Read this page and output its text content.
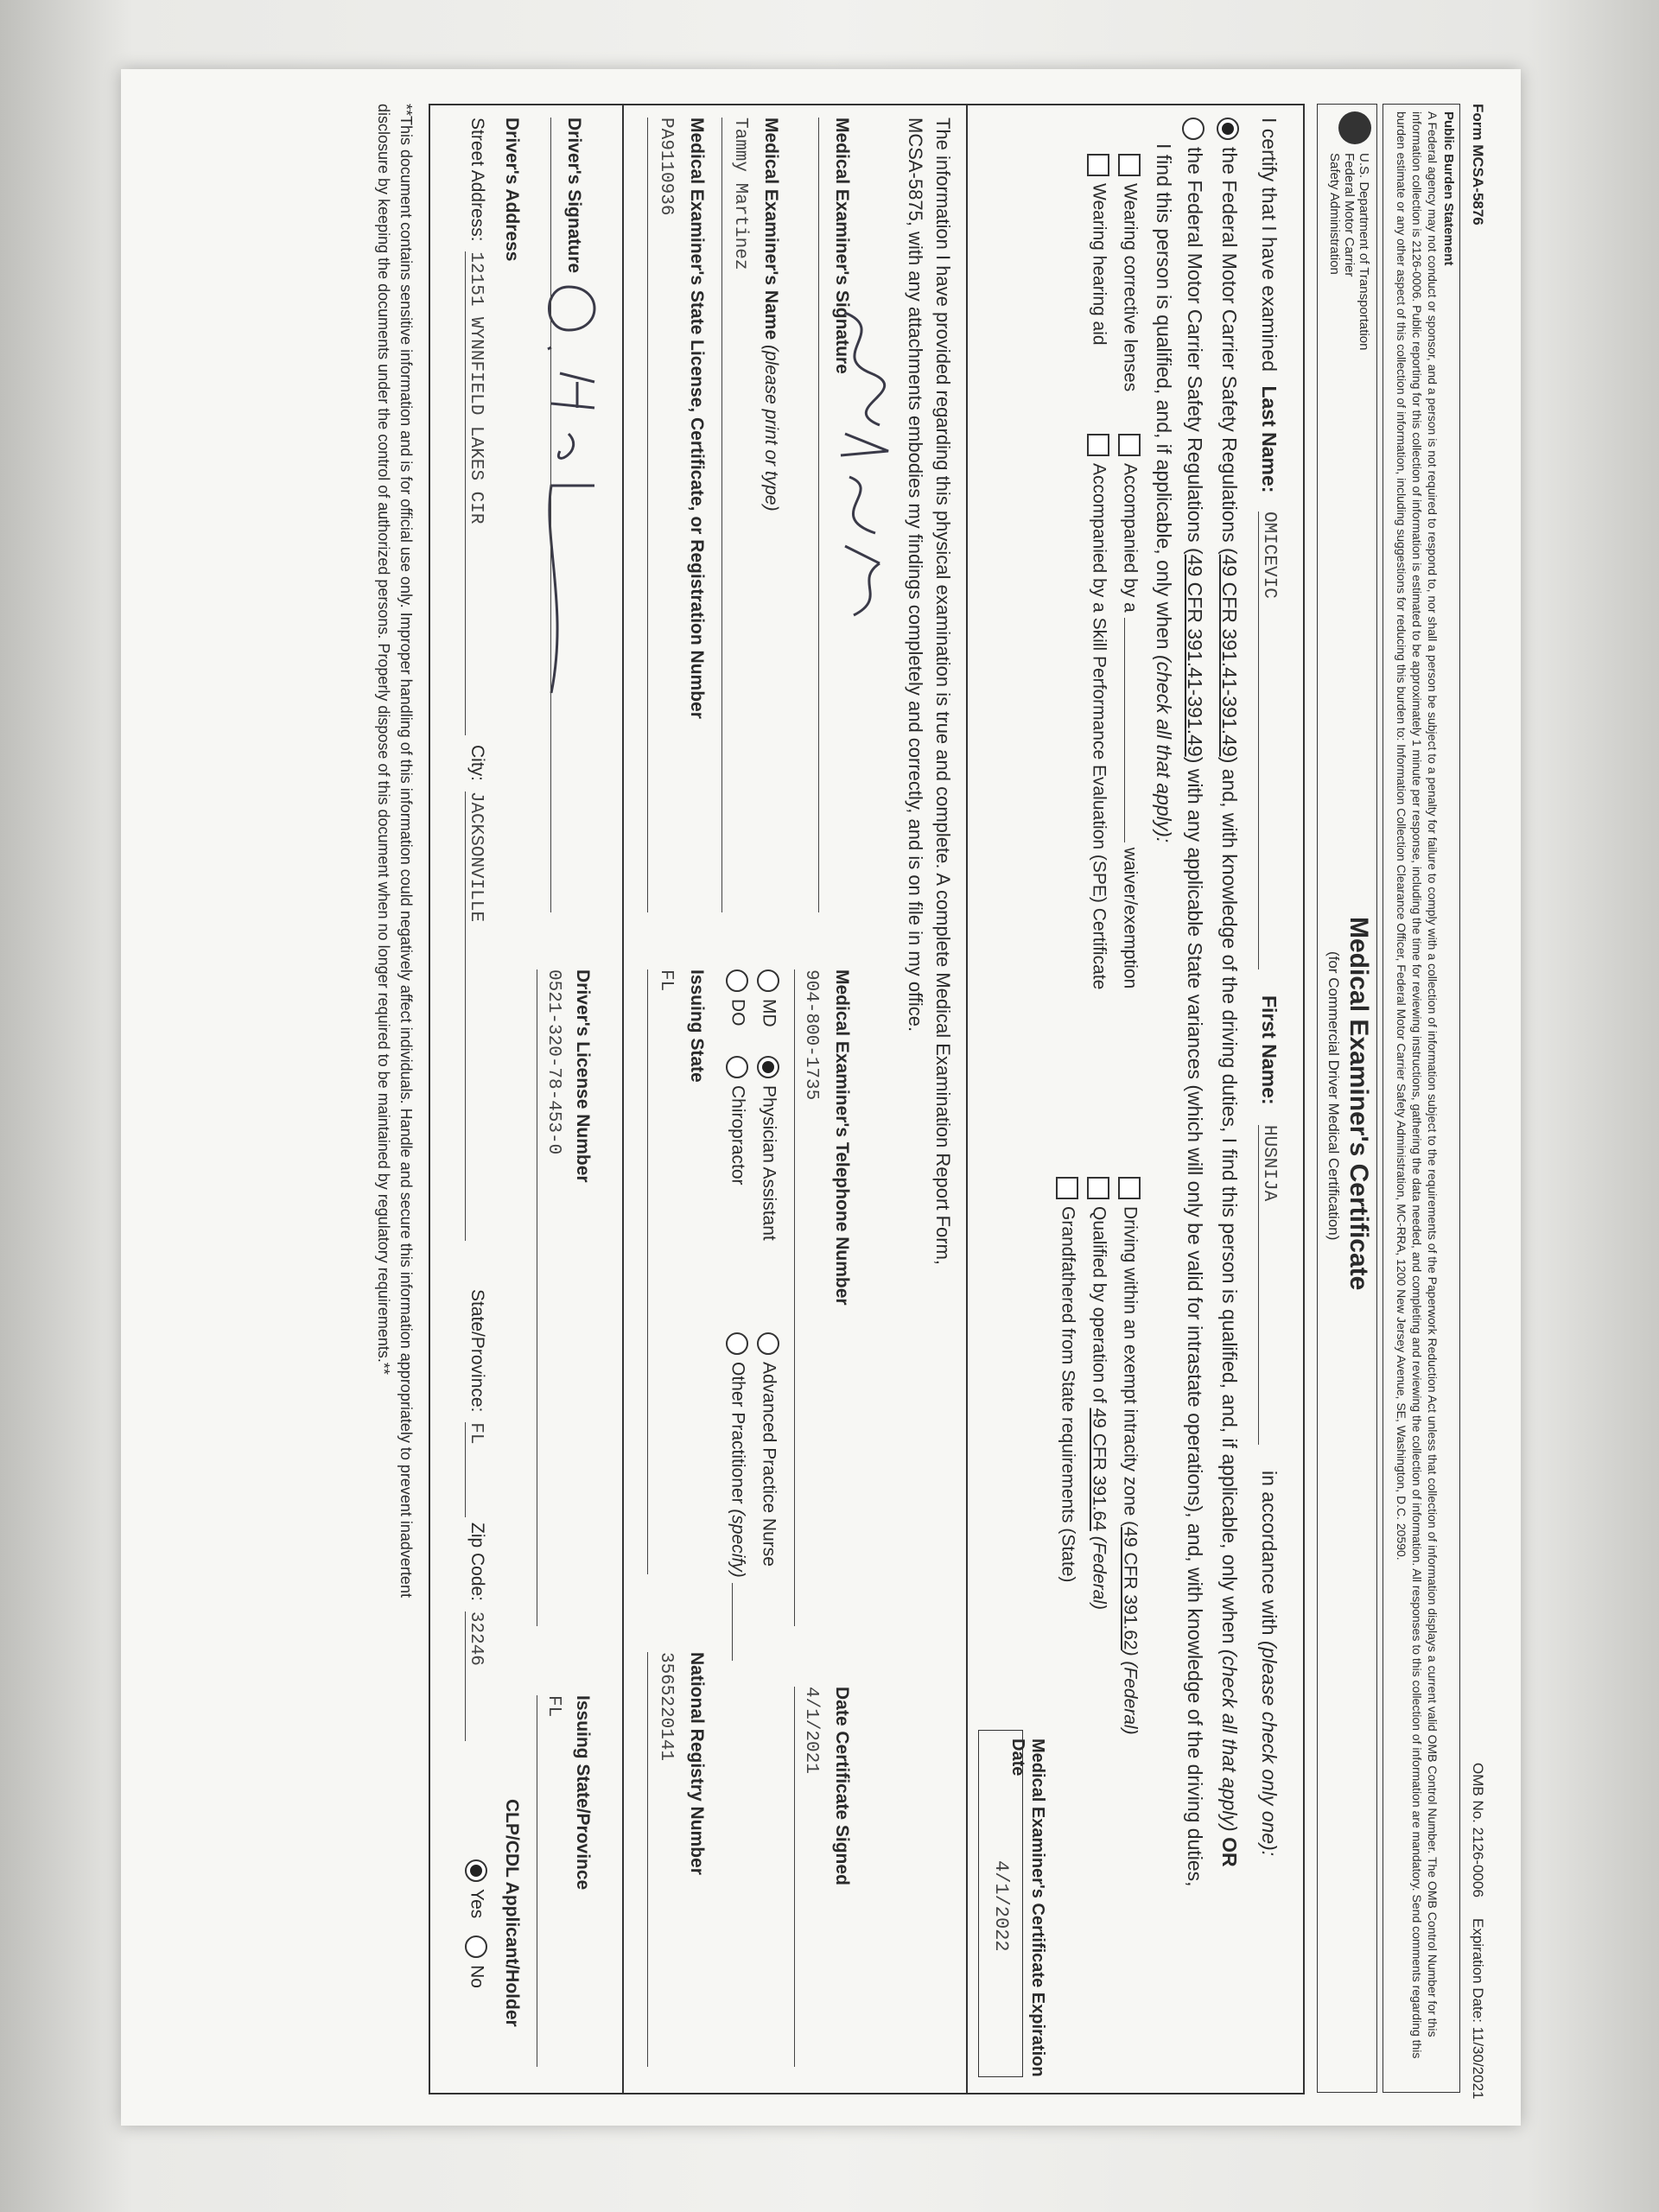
Form MCSA-5876
OMB No. 2126-0006
Expiration Date: 11/30/2021
Public Burden Statement
A Federal agency may not conduct or sponsor, and a person is not required to respond to, nor shall a person be subject to a penalty for failure to comply with a collection of information subject to the requirements of the Paperwork Reduction Act unless that collection of information displays a current valid OMB Control Number. The OMB Control Number for this information collection is 2126-0006. Public reporting for this collection of information is estimated to be approximately 1 minute per response, including the time for reviewing instructions, gathering the data needed, and completing and reviewing the collection of information. All responses to this collection of information are mandatory. Send comments regarding this burden estimate or any other aspect of this collection of information, including suggestions for reducing this burden to: Information Collection Clearance Officer, Federal Motor Carrier Safety Administration, MC-RRA, 1200 New Jersey Avenue, SE, Washington, D.C. 20590.
U.S. Department of Transportation
Federal Motor Carrier
Safety Administration
Medical Examiner's Certificate
(for Commercial Driver Medical Certification)
I certify that I have examined Last Name:
OMICEVIC
First Name:
HUSNIJA
in accordance with (please check only one):
the Federal Motor Carrier Safety Regulations (49 CFR 391.41-391.49) and, with knowledge of the driving duties, I find this person is qualified, and, if applicable, only when (check all that apply) OR
the Federal Motor Carrier Safety Regulations (49 CFR 391.41-391.49) with any applicable State variances (which will only be valid for intrastate operations), and, with knowledge of the driving duties,
I find this person is qualified, and, if applicable, only when (check all that apply):
Wearing corrective lenses
Wearing hearing aid
Accompanied by awaiver/exemption
Accompanied by a Skill Performance Evaluation (SPE) Certificate
Driving within an exempt intracity zone (49 CFR 391.62) (Federal)
Qualified by operation of 49 CFR 391.64 (Federal)
Grandfathered from State requirements (State)
Medical Examiner's Certificate Expiration Date
4/1/2022
The information I have provided regarding this physical examination is true and complete. A complete Medical Examination Report Form,
MCSA-5875, with any attachments embodies my findings completely and correctly, and is on file in my office.
Medical Examiner's Signature
Medical Examiner's Telephone Number
904-800-1735
Date Certificate Signed
4/1/2021
Medical Examiner's Name (please print or type)
Tammy Martinez
MD
DO
Physician Assistant
Chiropractor
Advanced Practice Nurse
Other Practitioner (specify)
Medical Examiner's State License, Certificate, or Registration Number
PA9110936
Issuing State
FL
National Registry Number
3565220141
Driver's Signature
Driver's License Number
0521-320-78-453-0
Issuing State/Province
FL
Driver's Address
CLP/CDL Applicant/Holder
Street Address: 12151 WYNNFIELD LAKES CIR
City: JACKSONVILLE
State/Province: FL
Zip Code: 32246
Yes No
**This document contains sensitive information and is for official use only. Improper handling of this information could negatively affect individuals. Handle and secure this information appropriately to prevent inadvertent
disclosure by keeping the documents under the control of authorized persons. Properly dispose of this document when no longer required to be maintained by regulatory requirements.**
